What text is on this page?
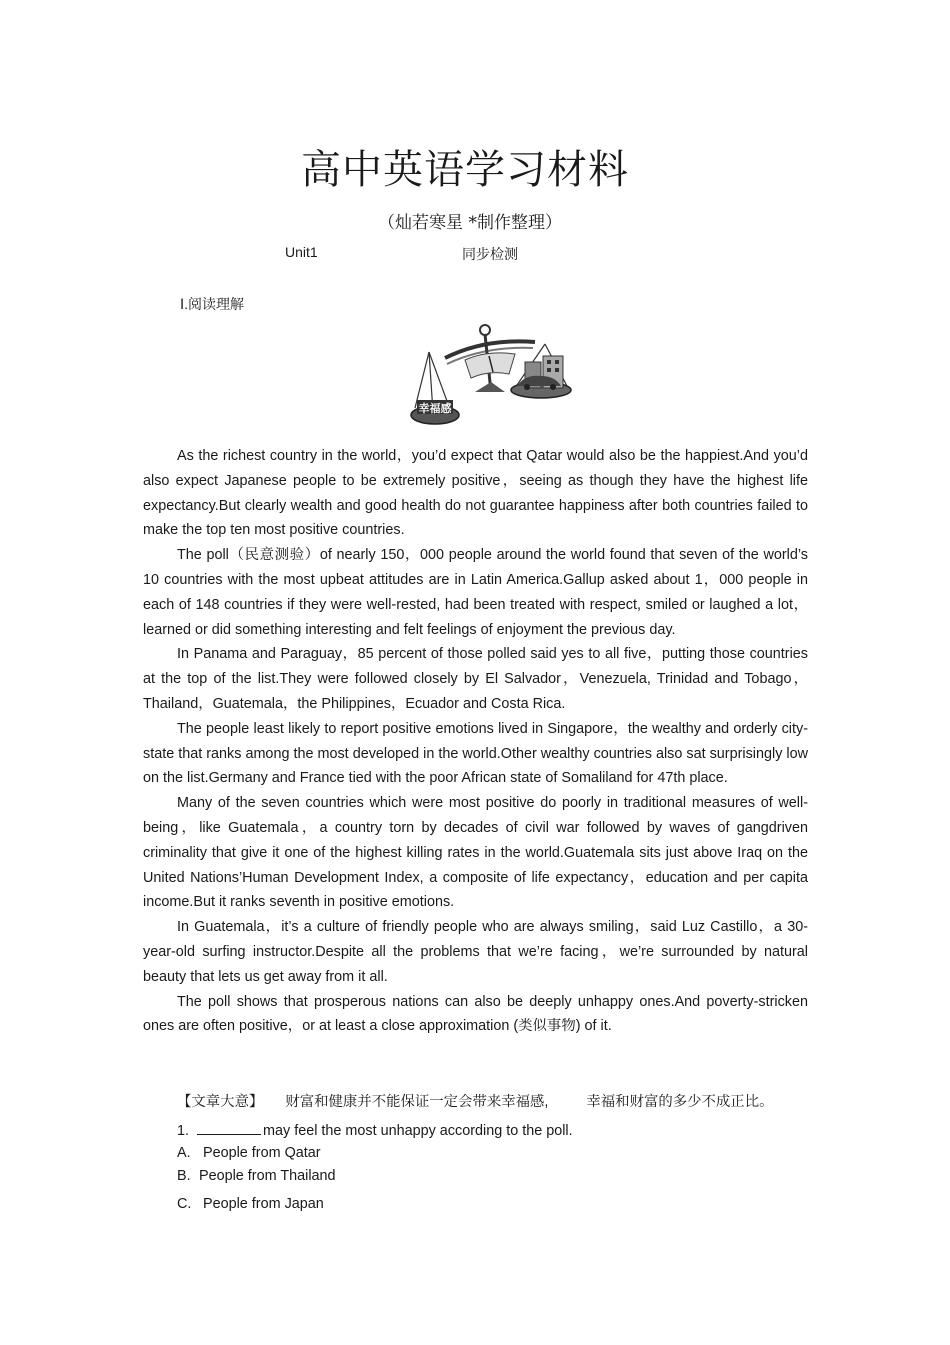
高中英语学习材料
（灿若寒星 *制作整理）
Unit1	同步检测
Ⅰ.阅读理解
幸福感

As the richest country in the world，you’d expect that Qatar would also be the happiest.And you’d also expect Japanese people to be extremely positive，seeing as though they have the highest life expectancy.But clearly wealth and good health do not guarantee happiness after both countries failed to make the top ten most positive countries.

The poll（民意测验）of nearly 150，000 people around the world found that seven of the world’s 10 countries with the most upbeat attitudes are in Latin America.Gallup asked about 1，000 people in each of 148 countries if they were well-rested, had been treated with respect, smiled or laughed a lot，learned or did something interesting and felt feelings of enjoyment the previous day.

In Panama and Paraguay，85 percent of those polled said yes to all five，putting those countries at the top of the list.They were followed closely by El Salvador，Venezuela, Trinidad and Tobago，Thailand，Guatemala，the Philippines，Ecuador and Costa Rica.

The people least likely to report positive emotions lived in Singapore，the wealthy and orderly city-state that ranks among the most developed in the world.Other wealthy countries also sat surprisingly low on the list.Germany and France tied with the poor African state of Somaliland for 47th place.

Many of the seven countries which were most positive do poorly in traditional measures of well-being，like Guatemala，a country torn by decades of civil war followed by waves of gangdriven criminality that give it one of the highest killing rates in the world.Guatemala sits just above Iraq on the United Nations’Human Development Index, a composite of life expectancy，education and per capita income.But it ranks seventh in positive emotions.

In Guatemala，it’s a culture of friendly people who are always smiling，said Luz Castillo，a 30-year-old surfing instructor.Despite all the problems that we’re facing，we’re surrounded by natural beauty that lets us get away from it all.

The poll shows that prosperous nations can also be deeply unhappy ones.And poverty-stricken ones are often positive，or at least a close approximation (类似事物) of it.

【文章大意】 财富和健康并不能保证一定会带来幸福感,	幸福和财富的多少不成正比。
1.	may feel the most unhappy according to the poll.
A. People from Qatar
B. People from Thailand
C. People from Japan
